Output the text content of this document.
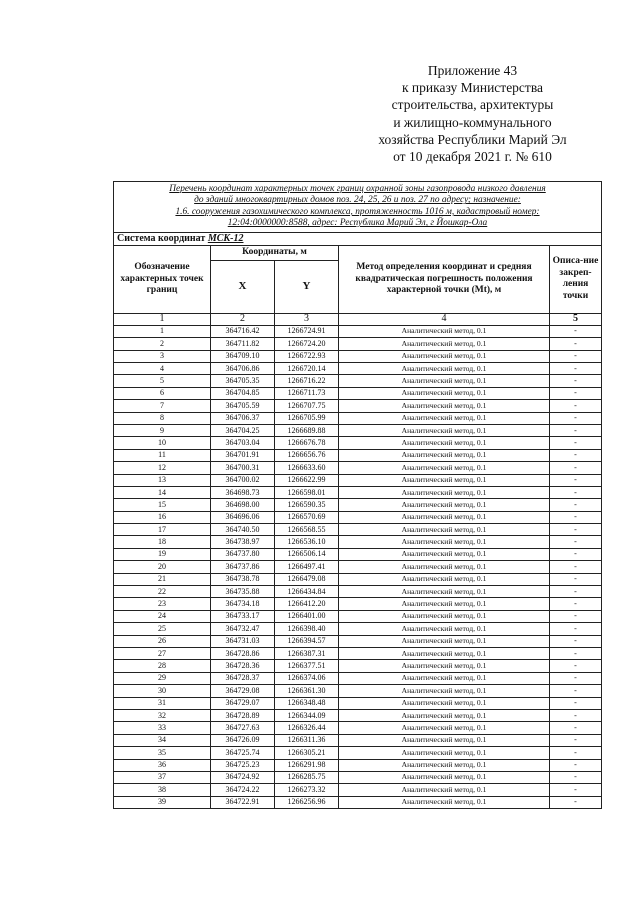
Приложение 43
к приказу Министерства
строительства, архитектуры
и жилищно-коммунального
хозяйства Республики Марий Эл
от 10 декабря 2021 г. № 610
Перечень координат характерных точек границ охранной зоны газопровода низкого давления
до зданий многоквартирных домов поз. 24, 25, 26 и поз. 27 по адресу; назначение:
1.6. сооружения газохимического комплекса, протяженность 1016 м, кадастровый номер:
12:04:0000000:8588, адрес: Республика Марий Эл, г Йошкар-Ола				

Система координат МСК-12				
Обозначение характерных точек границ	Координаты, м		Метод определения координат и средняя квадратическая погрешность положения характерной точки (Mt), м	Описа-ние закреп-ления точки
	X	Y		
1	2	3	4	5
1	364716.42	1266724.91	Аналитический метод, 0.1	-
2	364711.82	1266724.20	Аналитический метод, 0.1	-
3	364709.10	1266722.93	Аналитический метод, 0.1	-
4	364706.86	1266720.14	Аналитический метод, 0.1	-
5	364705.35	1266716.22	Аналитический метод, 0.1	-
6	364704.85	1266711.73	Аналитический метод, 0.1	-
7	364705.59	1266707.75	Аналитический метод, 0.1	-
8	364706.37	1266705.99	Аналитический метод, 0.1	-
9	364704.25	1266689.88	Аналитический метод, 0.1	-
10	364703.04	1266676.78	Аналитический метод, 0.1	-
11	364701.91	1266656.76	Аналитический метод, 0.1	-
12	364700.31	1266633.60	Аналитический метод, 0.1	-
13	364700.02	1266622.99	Аналитический метод, 0.1	-
14	364698.73	1266598.01	Аналитический метод, 0.1	-
15	364698.00	1266590.35	Аналитический метод, 0.1	-
16	364696.06	1266570.69	Аналитический метод, 0.1	-
17	364740.50	1266568.55	Аналитический метод, 0.1	-
18	364738.97	1266536.10	Аналитический метод, 0.1	-
19	364737.80	1266506.14	Аналитический метод, 0.1	-
20	364737.86	1266497.41	Аналитический метод, 0.1	-
21	364738.78	1266479.08	Аналитический метод, 0.1	-
22	364735.88	1266434.84	Аналитический метод, 0.1	-
23	364734.18	1266412.20	Аналитический метод, 0.1	-
24	364733.17	1266401.00	Аналитический метод, 0.1	-
25	364732.47	1266398.40	Аналитический метод, 0.1	-
26	364731.03	1266394.57	Аналитический метод, 0.1	-
27	364728.86	1266387.31	Аналитический метод, 0.1	-
28	364728.36	1266377.51	Аналитический метод, 0.1	-
29	364728.37	1266374.06	Аналитический метод, 0.1	-
30	364729.08	1266361.30	Аналитический метод, 0.1	-
31	364729.07	1266348.48	Аналитический метод, 0.1	-
32	364728.89	1266344.09	Аналитический метод, 0.1	-
33	364727.63	1266326.44	Аналитический метод, 0.1	-
34	364726.09	1266311.36	Аналитический метод, 0.1	-
35	364725.74	1266305.21	Аналитический метод, 0.1	-
36	364725.23	1266291.98	Аналитический метод, 0.1	-
37	364724.92	1266285.75	Аналитический метод, 0.1	-
38	364724.22	1266273.32	Аналитический метод, 0.1	-
39	364722.91	1266256.96	Аналитический метод, 0.1	-
